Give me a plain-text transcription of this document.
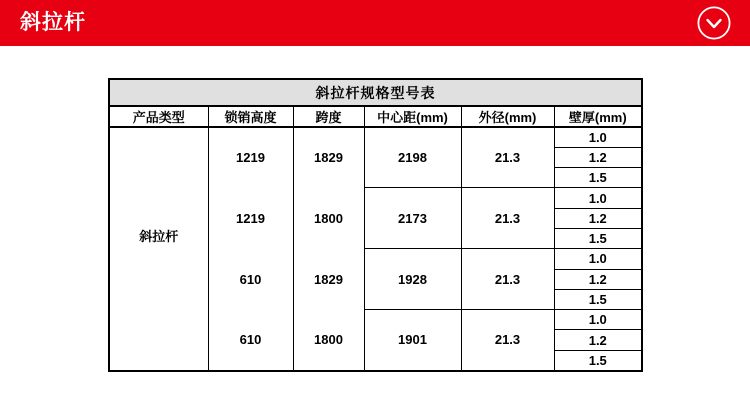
斜拉杆
斜拉杆规格型号表					
产品类型	锁销高度	跨度	中心距(mm)	外径(mm)	壁厚(mm)
斜拉杆	1219	1829	2198	21.3	1.0
					1.2
					1.5
	1219	1800	2173	21.3	1.0
					1.2
					1.5
	610	1829	1928	21.3	1.0
					1.2
					1.5
	610	1800	1901	21.3	1.0
					1.2
					1.5
